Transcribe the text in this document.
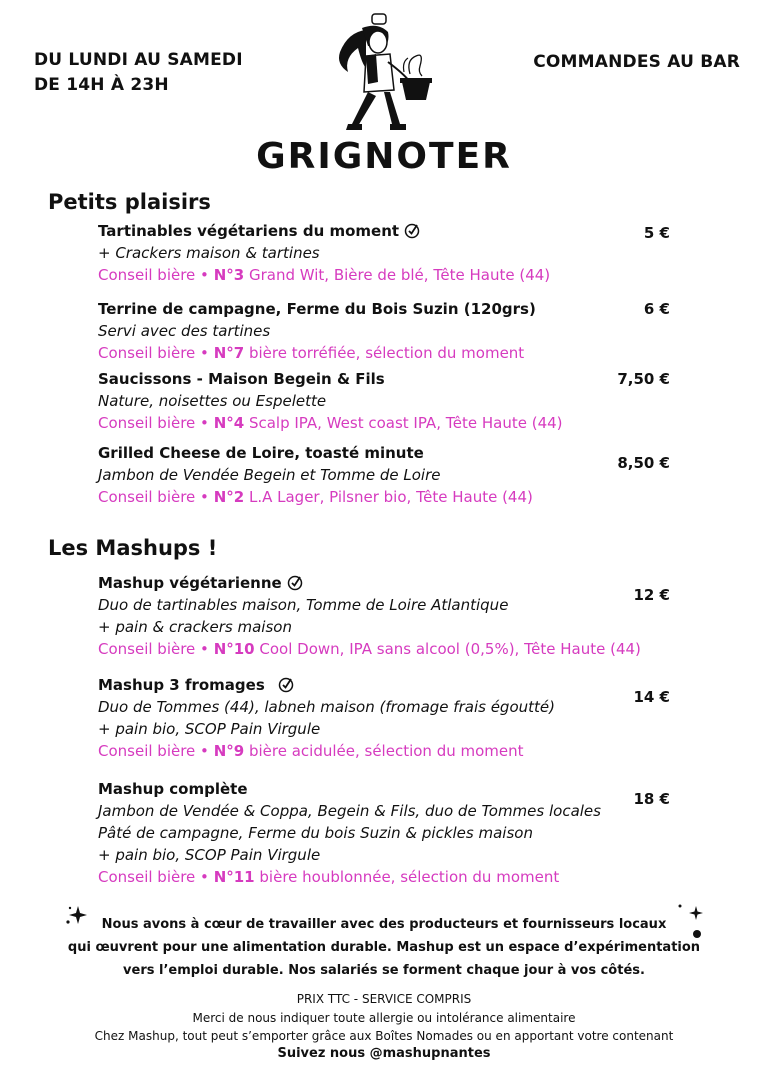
DU LUNDI AU SAMEDI
DE 14H À 23H
COMMANDES AU BAR
GRIGNOTER
Petits plaisirs
Tartinables végétariens du moment
+ Crackers maison & tartines
Conseil bière • N°3 Grand Wit, Bière de blé, Tête Haute (44)
5 €
Terrine de campagne, Ferme du Bois Suzin (120grs)
Servi avec des tartines
Conseil bière • N°7 bière torréfiée, sélection du moment
6 €
Saucissons - Maison Begein & Fils
Nature, noisettes ou Espelette
Conseil bière • N°4 Scalp IPA, West coast IPA, Tête Haute (44)
7,50 €
Grilled Cheese de Loire, toasté minute
Jambon de Vendée Begein et Tomme de Loire
Conseil bière • N°2 L.A Lager, Pilsner bio, Tête Haute (44)
8,50 €
Les Mashups !
Mashup végétarienne
Duo de tartinables maison, Tomme de Loire Atlantique
+ pain & crackers maison
Conseil bière • N°10 Cool Down, IPA sans alcool (0,5%), Tête Haute (44)
12 €
Mashup 3 fromages
Duo de Tommes (44), labneh maison (fromage frais égoutté)
+ pain bio, SCOP Pain Virgule
Conseil bière • N°9 bière acidulée, sélection du moment
14 €
Mashup complète
Jambon de Vendée & Coppa, Begein & Fils, duo de Tommes locales
Pâté de campagne, Ferme du bois Suzin & pickles maison
+ pain bio, SCOP Pain Virgule
Conseil bière • N°11 bière houblonnée, sélection du moment
18 €
Nous avons à cœur de travailler avec des producteurs et fournisseurs locaux
qui œuvrent pour une alimentation durable. Mashup est un espace d’expérimentation
vers l’emploi durable. Nos salariés se forment chaque jour à vos côtés.
PRIX TTC - SERVICE COMPRIS
Merci de nous indiquer toute allergie ou intolérance alimentaire
Chez Mashup, tout peut s’emporter grâce aux Boîtes Nomades ou en apportant votre contenant
Suivez nous @mashupnantes
